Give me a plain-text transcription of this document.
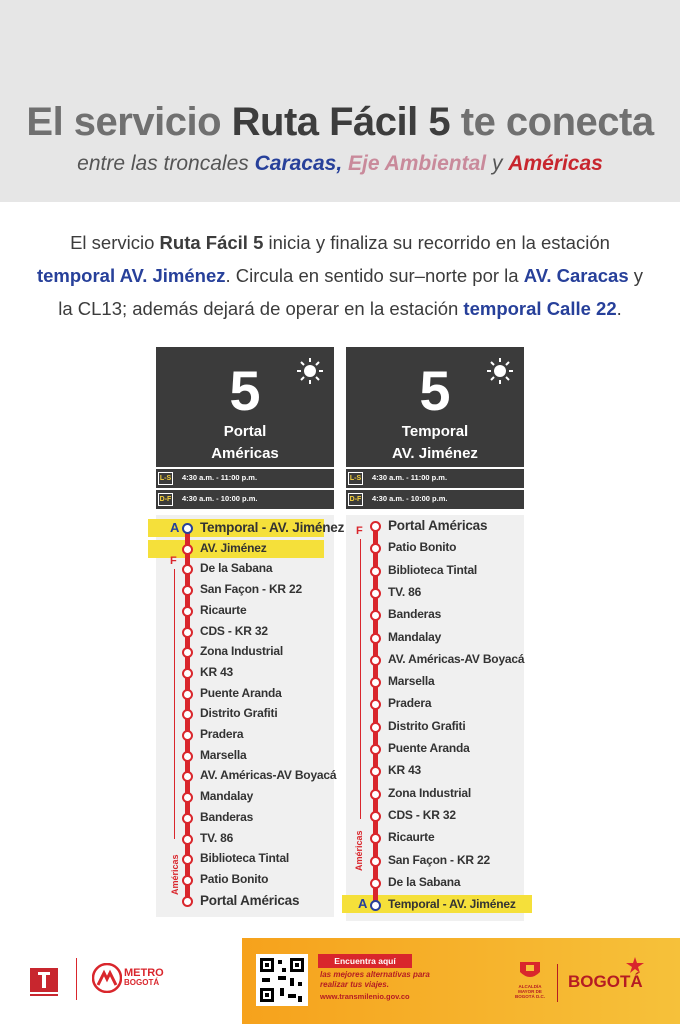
El servicio Ruta Fácil 5 te conecta
entre las troncales Caracas, Eje Ambiental y Américas
El servicio Ruta Fácil 5 inicia y finaliza su recorrido en la estación temporal AV. Jiménez. Circula en sentido sur–norte por la AV. Caracas y la CL13; además dejará de operar en la estación temporal Calle 22.
5
Portal
Américas
L-S 4:30 a.m. - 11:00 p.m.
D-F 4:30 a.m. - 10:00 p.m.
A
F
Américas
Temporal - AV. Jiménez
AV. Jiménez
De la Sabana
San Façon - KR 22
Ricaurte
CDS - KR 32
Zona Industrial
KR 43
Puente Aranda
Distrito Grafiti
Pradera
Marsella
AV. Américas-AV Boyacá
Mandalay
Banderas
TV. 86
Biblioteca Tintal
Patio Bonito
Portal Américas
5
Temporal
AV. Jiménez
L-S 4:30 a.m. - 11:00 p.m.
D-F 4:30 a.m. - 10:00 p.m.
F
Américas
A
Portal Américas
Patio Bonito
Biblioteca Tintal
TV. 86
Banderas
Mandalay
AV. Américas-AV Boyacá
Marsella
Pradera
Distrito Grafiti
Puente Aranda
KR 43
Zona Industrial
CDS - KR 32
Ricaurte
San Façon - KR 22
De la Sabana
Temporal - AV. Jiménez
METRO
BOGOTÁ
Encuentra aquí
las mejores alternativas para realizar tus viajes.
www.transmilenio.gov.co
ALCALDÍA MAYOR DE BOGOTÁ D.C.
BOGOTÁ
